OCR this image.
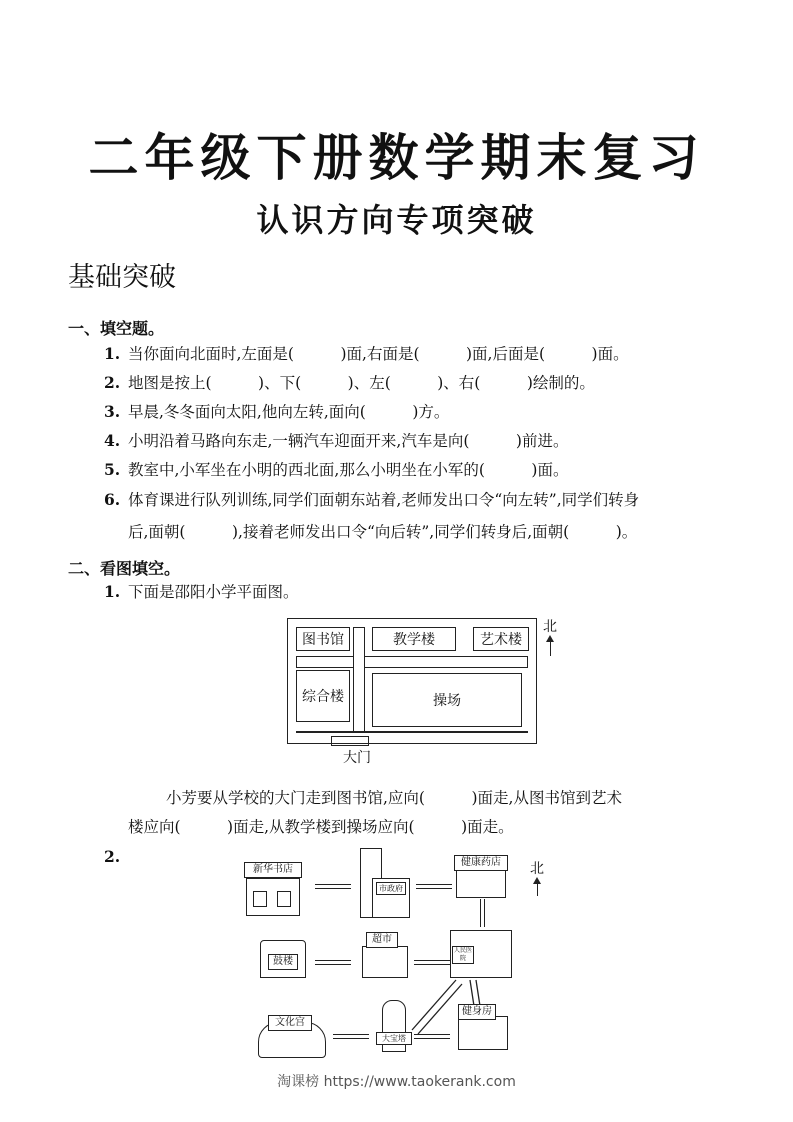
二年级下册数学期末复习
认识方向专项突破
基础突破
一、填空题。
1. 当你面向北面时,左面是(　　　)面,右面是(　　　)面,后面是(　　　)面。
2. 地图是按上(　　　)、下(　　　)、左(　　　)、右(　　　)绘制的。
3. 早晨,冬冬面向太阳,他向左转,面向(　　　)方。
4. 小明沿着马路向东走,一辆汽车迎面开来,汽车是向(　　　)前进。
5. 教室中,小军坐在小明的西北面,那么小明坐在小军的(　　　)面。
6. 体育课进行队列训练,同学们面朝东站着,老师发出口令“向左转”,同学们转身
后,面朝(　　　),接着老师发出口令“向后转”,同学们转身后,面朝(　　　)。
二、看图填空。
1. 下面是邵阳小学平面图。
图书馆	教学楼	艺术楼
综合楼	操场
大门
北
小芳要从学校的大门走到图书馆,应向(　　　)面走,从图书馆到艺术
楼应向(　　　)面走,从教学楼到操场应向(　　　)面走。
2.
新华书店
市政府
健康药店	北
鼓楼
超市
人民医院
文化宫
大宝塔
健身房
淘课榜 https://www.taokerank.com
